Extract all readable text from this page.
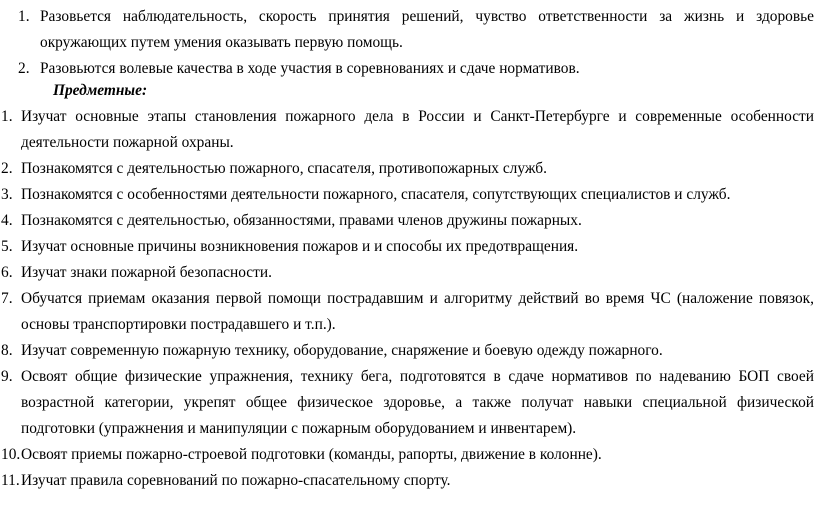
1. Разовьется наблюдательность, скорость принятия решений, чувство ответственности за жизнь и здоровье окружающих путем умения оказывать первую помощь.
2. Разовьются волевые качества в ходе участия в соревнованиях и сдаче нормативов.
Предметные:
1. Изучат основные этапы становления пожарного дела в России и Санкт-Петербурге и современные особенности деятельности пожарной охраны.
2. Познакомятся с деятельностью пожарного, спасателя, противопожарных служб.
3. Познакомятся с особенностями деятельности пожарного, спасателя, сопутствующих специалистов и служб.
4. Познакомятся с деятельностью, обязанностями, правами членов дружины пожарных.
5. Изучат основные причины возникновения пожаров и и способы их предотвращения.
6. Изучат знаки пожарной безопасности.
7. Обучатся приемам оказания первой помощи пострадавшим и алгоритму действий во время ЧС (наложение повязок, основы транспортировки пострадавшего и т.п.).
8. Изучат современную пожарную технику, оборудование, снаряжение и боевую одежду пожарного.
9. Освоят общие физические упражнения, технику бега, подготовятся в сдаче нормативов по надеванию БОП своей возрастной категории, укрепят общее физическое здоровье, а также получат навыки специальной физической подготовки (упражнения и манипуляции с пожарным оборудованием и инвентарем).
10. Освоят приемы пожарно-строевой подготовки (команды, рапорты, движение в колонне).
11. Изучат правила соревнований по пожарно-спасательному спорту.
